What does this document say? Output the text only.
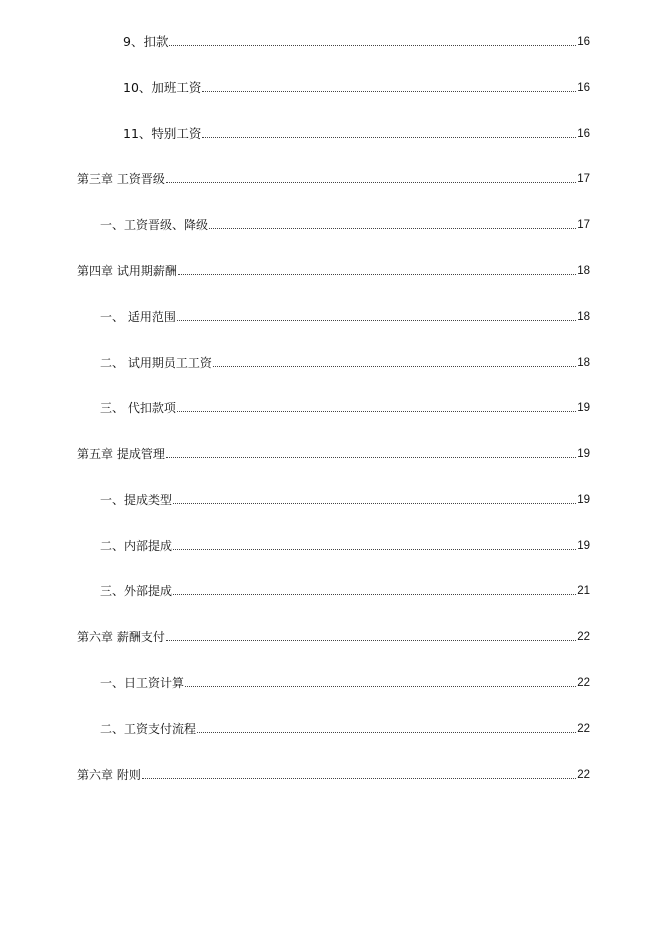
9、扣款	16
10、加班工资	16
11、特别工资	16
第三章 工资晋级	17
一、工资晋级、降级	17
第四章 试用期薪酬	18
一、 适用范围	18
二、 试用期员工工资	18
三、 代扣款项	19
第五章 提成管理	19
一、提成类型	19
二、内部提成	19
三、外部提成	21
第六章 薪酬支付	22
一、日工资计算	22
二、工资支付流程	22
第六章 附则	22
